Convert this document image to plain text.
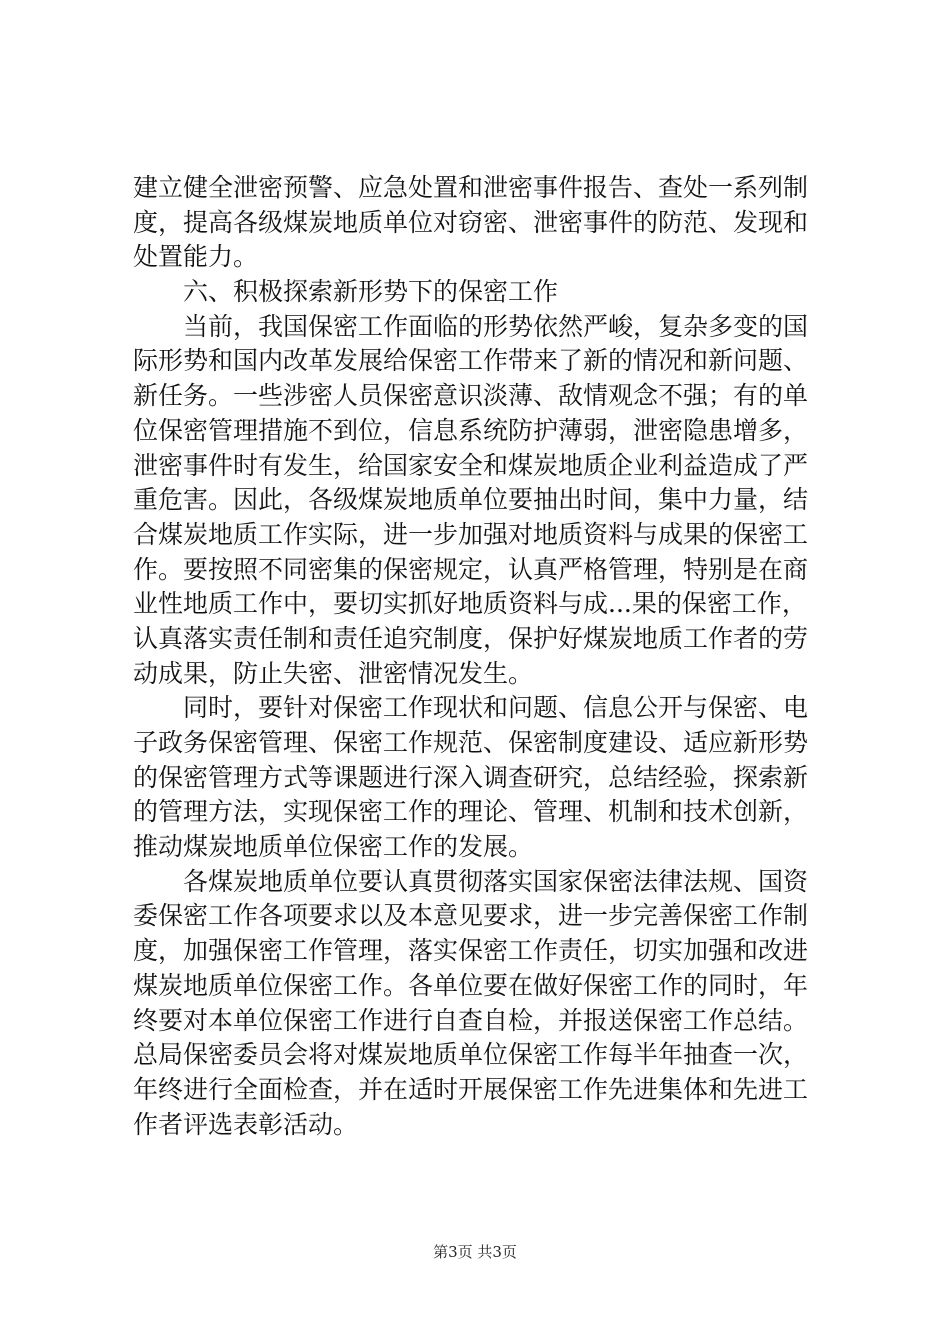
建立健全泄密预警、应急处置和泄密事件报告、查处一系列制
度，提高各级煤炭地质单位对窃密、泄密事件的防范、发现和
处置能力。
　　六、积极探索新形势下的保密工作
　　当前，我国保密工作面临的形势依然严峻，复杂多变的国
际形势和国内改革发展给保密工作带来了新的情况和新问题、
新任务。一些涉密人员保密意识淡薄、敌情观念不强；有的单
位保密管理措施不到位，信息系统防护薄弱，泄密隐患增多，
泄密事件时有发生，给国家安全和煤炭地质企业利益造成了严
重危害。因此，各级煤炭地质单位要抽出时间，集中力量，结
合煤炭地质工作实际，进一步加强对地质资料与成果的保密工
作。要按照不同密集的保密规定，认真严格管理，特别是在商
业性地质工作中，要切实抓好地质资料与成...果的保密工作，
认真落实责任制和责任追究制度，保护好煤炭地质工作者的劳
动成果，防止失密、泄密情况发生。
　　同时，要针对保密工作现状和问题、信息公开与保密、电
子政务保密管理、保密工作规范、保密制度建设、适应新形势
的保密管理方式等课题进行深入调查研究，总结经验，探索新
的管理方法，实现保密工作的理论、管理、机制和技术创新，
推动煤炭地质单位保密工作的发展。
　　各煤炭地质单位要认真贯彻落实国家保密法律法规、国资
委保密工作各项要求以及本意见要求，进一步完善保密工作制
度，加强保密工作管理，落实保密工作责任，切实加强和改进
煤炭地质单位保密工作。各单位要在做好保密工作的同时，年
终要对本单位保密工作进行自查自检，并报送保密工作总结。
总局保密委员会将对煤炭地质单位保密工作每半年抽查一次，
年终进行全面检查，并在适时开展保密工作先进集体和先进工
作者评选表彰活动。
第3页 共3页
